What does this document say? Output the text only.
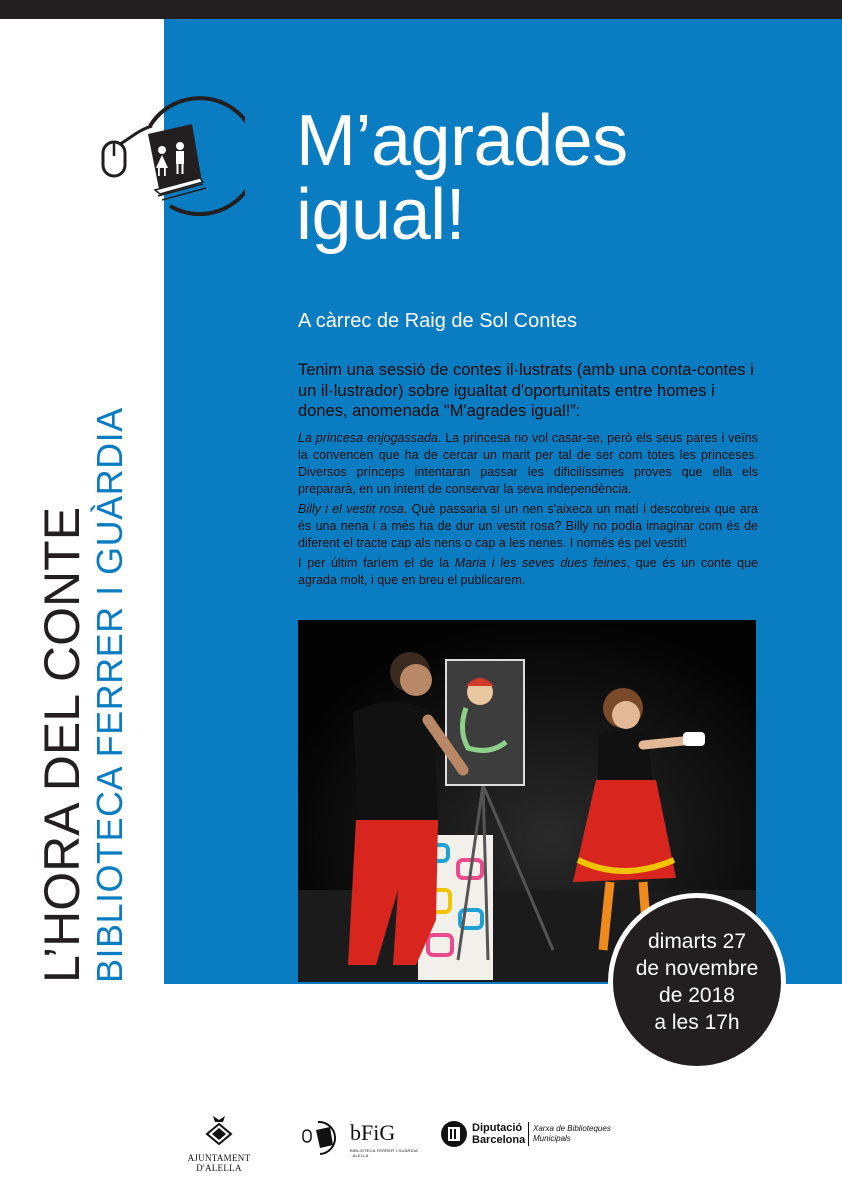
L’HORA DEL CONTE BIBLIOTECA FERRER I GUÀRDIA
M’agrades
igual!

A càrrec de Raig de Sol Contes

Tenim una sessió de contes il·lustrats (amb una conta-contes i un il·lustrador) sobre igualtat d'oportunitats entre homes i dones, anomenada "M'agrades igual!”:

La princesa enjogassada. La princesa no vol casar-se, però els seus pares i veïns la convencen que ha de cercar un marit per tal de ser com totes les princeses. Diversos prínceps intentaran passar les dificilíssimes proves que ella els prepararà, en un intent de conservar la seva independència.

Billy i el vestit rosa. Què passaria si un nen s'aixeca un matí i descobreix que ara és una nena i a més ha de dur un vestit rosa? Billy no podia imaginar com és de diferent el tracte cap als nens o cap a les nenes. I només és pel vestit!

I per últim faríem el de la Maria i les seves dues feines, que és un conte que agrada molt, i que en breu el publicarem.

dimarts 27
de novembre
de 2018
a les 17h
AJUNTAMENT D'ALELLA
bFiG
BIBLIOTECA FERRER I GUÀRDIA · ALELLA
Diputació
Barcelona
Xarxa de Biblioteques
Municipals
